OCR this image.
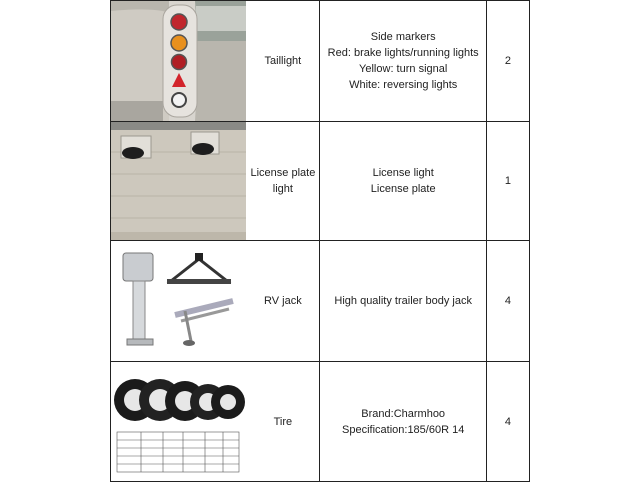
	Taillight	Side markers
Red: brake lights/running lights
Yellow: turn signal
White: reversing lights	2

	License plate light	License light
License plate	1

	RV jack	High quality trailer body jack	4

	Tire	Brand:Charmhoo
Specification:185/60R 14	4
